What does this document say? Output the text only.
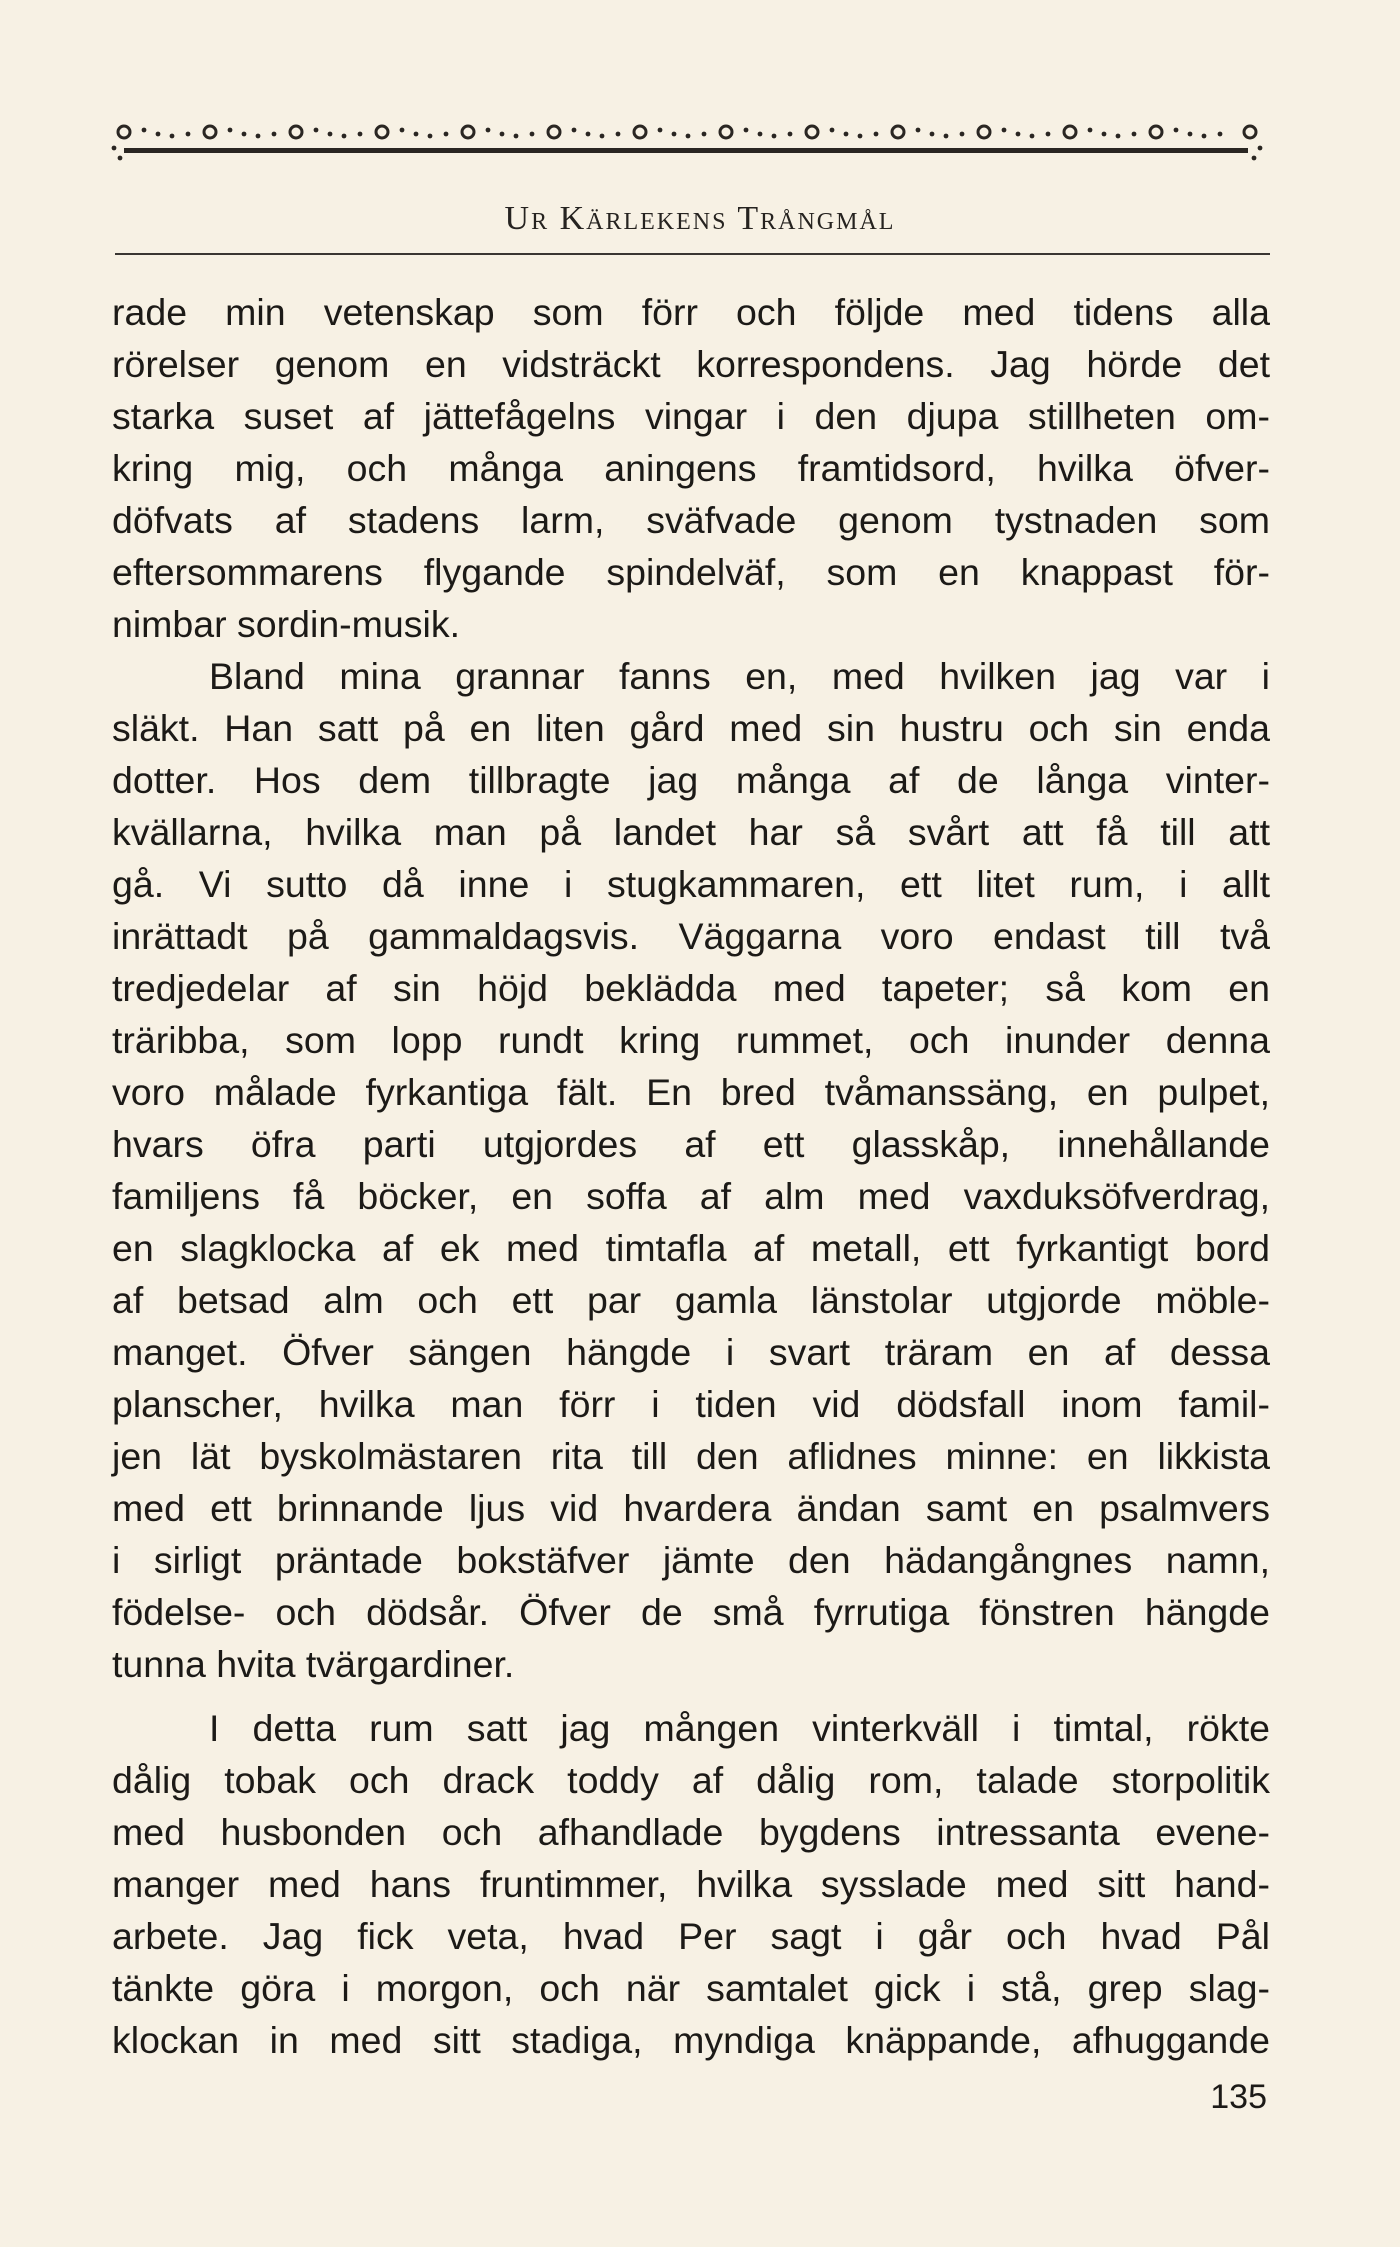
Ur Kärlekens Trångmål
rade min vetenskap som förr och följde med tidens alla
rörelser genom en vidsträckt korrespondens. Jag hörde det
starka suset af jättefågelns vingar i den djupa stillheten om-
kring mig, och många aningens framtidsord, hvilka öfver-
döfvats af stadens larm, sväfvade genom tystnaden som
eftersommarens flygande spindelväf, som en knappast för-
nimbar sordin-musik.
Bland mina grannar fanns en, med hvilken jag var i
släkt. Han satt på en liten gård med sin hustru och sin enda
dotter. Hos dem tillbragte jag många af de långa vinter-
kvällarna, hvilka man på landet har så svårt att få till att
gå. Vi sutto då inne i stugkammaren, ett litet rum, i allt
inrättadt på gammaldagsvis. Väggarna voro endast till två
tredjedelar af sin höjd beklädda med tapeter; så kom en
träribba, som lopp rundt kring rummet, och inunder denna
voro målade fyrkantiga fält. En bred tvåmanssäng, en pulpet,
hvars öfra parti utgjordes af ett glasskåp, innehållande
familjens få böcker, en soffa af alm med vaxduksöfverdrag,
en slagklocka af ek med timtafla af metall, ett fyrkantigt bord
af betsad alm och ett par gamla länstolar utgjorde möble-
manget. Öfver sängen hängde i svart träram en af dessa
planscher, hvilka man förr i tiden vid dödsfall inom famil-
jen lät byskolmästaren rita till den aflidnes minne: en likkista
med ett brinnande ljus vid hvardera ändan samt en psalmvers
i sirligt präntade bokstäfver jämte den hädangångnes namn,
födelse- och dödsår. Öfver de små fyrrutiga fönstren hängde
tunna hvita tvärgardiner.
I detta rum satt jag mången vinterkväll i timtal, rökte
dålig tobak och drack toddy af dålig rom, talade storpolitik
med husbonden och afhandlade bygdens intressanta evene-
manger med hans fruntimmer, hvilka sysslade med sitt hand-
arbete. Jag fick veta, hvad Per sagt i går och hvad Pål
tänkte göra i morgon, och när samtalet gick i stå, grep slag-
klockan in med sitt stadiga, myndiga knäppande, afhuggande
135
